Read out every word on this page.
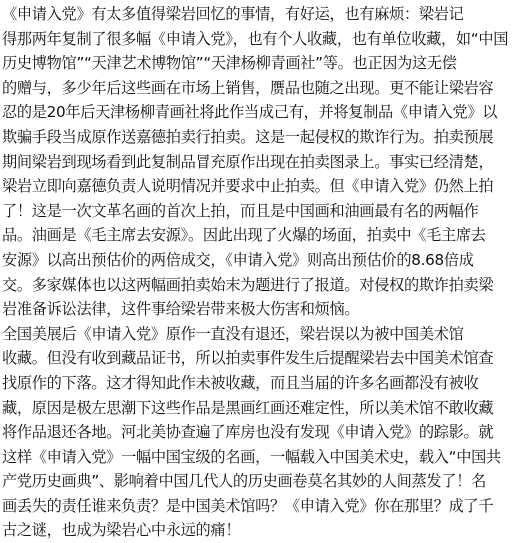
《申请入党》有太多值得梁岩回忆的事情，有好运，也有麻烦：梁岩记
得那两年复制了很多幅《申请入党》，也有个人收藏，也有单位收藏，如“中国
历史博物馆”“天津艺术博物馆”“天津杨柳青画社”等。也正因为这无偿
的赠与，多少年后这些画在市场上销售，赝品也随之出现。更不能让梁岩容
忍的是20年后天津杨柳青画社将此作当成己有，并将复制品《申请入党》以
欺骗手段当成原作送嘉德拍卖行拍卖。这是一起侵权的欺诈行为。拍卖预展
期间梁岩到现场看到此复制品冒充原作出现在拍卖图录上。事实已经清楚，
梁岩立即向嘉德负责人说明情况并要求中止拍卖。但《申请入党》仍然上拍
了！这是一次文革名画的首次上拍，而且是中国画和油画最有名的两幅作
品。油画是《毛主席去安源》。因此出现了火爆的场面，拍卖中《毛主席去
安源》以高出预估价的两倍成交，《申请入党》则高出预估价的8.68倍成
交。多家媒体也以这两幅画拍卖始末为题进行了报道。对侵权的欺诈拍卖梁
岩准备诉讼法律，这件事给梁岩带来极大伤害和烦恼。
全国美展后《申请入党》原作一直没有退还，梁岩误以为被中国美术馆
收藏。但没有收到藏品证书，所以拍卖事件发生后提醒梁岩去中国美术馆查
找原作的下落。这才得知此作未被收藏，而且当届的许多名画都没有被收
藏，原因是极左思潮下这些作品是黑画红画还难定性，所以美术馆不敢收藏
将作品退还各地。河北美协查遍了库房也没有发现《申请入党》的踪影。就
这样《申请入党》一幅中国宝级的名画，一幅载入中国美术史，载入“中国共
产党历史画典”、影响着中国几代人的历史画卷莫名其妙的人间蒸发了！名
画丢失的责任谁来负责？是中国美术馆吗？《申请入党》你在那里？成了千
古之谜，也成为梁岩心中永远的痛！
